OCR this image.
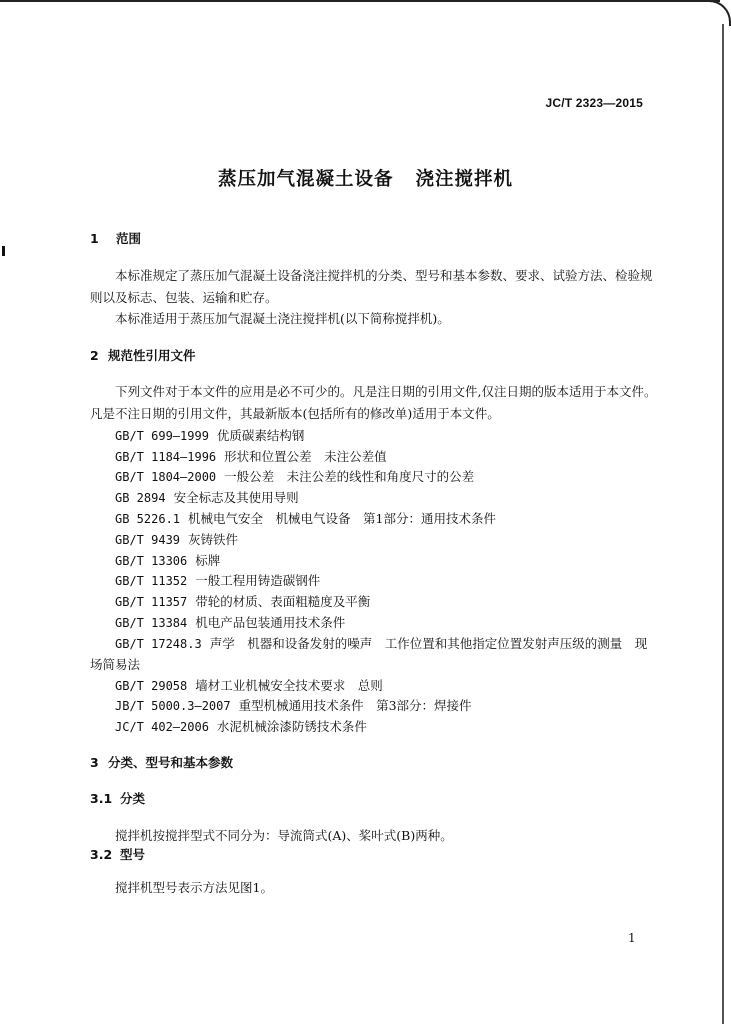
JC/T 2323—2015
蒸压加气混凝土设备 浇注搅拌机
1 范围
本标准规定了蒸压加气混凝土设备浇注搅拌机的分类、型号和基本参数、要求、试验方法、检验规
则以及标志、包装、运输和贮存。
本标准适用于蒸压加气混凝土浇注搅拌机(以下简称搅拌机)。
2 规范性引用文件
下列文件对于本文件的应用是必不可少的。凡是注日期的引用文件,仅注日期的版本适用于本文件。
凡是不注日期的引用文件，其最新版本(包括所有的修改单)适用于本文件。
GB/T 699—1999 优质碳素结构钢
GB/T 1184—1996 形状和位置公差　未注公差值
GB/T 1804—2000 一般公差　未注公差的线性和角度尺寸的公差
GB 2894 安全标志及其使用导则
GB 5226.1 机械电气安全　机械电气设备　第1部分：通用技术条件
GB/T 9439 灰铸铁件
GB/T 13306 标牌
GB/T 11352 一般工程用铸造碳钢件
GB/T 11357 带轮的材质、表面粗糙度及平衡
GB/T 13384 机电产品包装通用技术条件
GB/T 17248.3 声学　机器和设备发射的噪声　工作位置和其他指定位置发射声压级的测量　现
场简易法
GB/T 29058 墙材工业机械安全技术要求　总则
JB/T 5000.3—2007 重型机械通用技术条件　第3部分：焊接件
JC/T 402—2006 水泥机械涂漆防锈技术条件
3 分类、型号和基本参数
3.1 分类
搅拌机按搅拌型式不同分为：导流筒式(A)、桨叶式(B)两种。
3.2 型号
搅拌机型号表示方法见图1。
1
